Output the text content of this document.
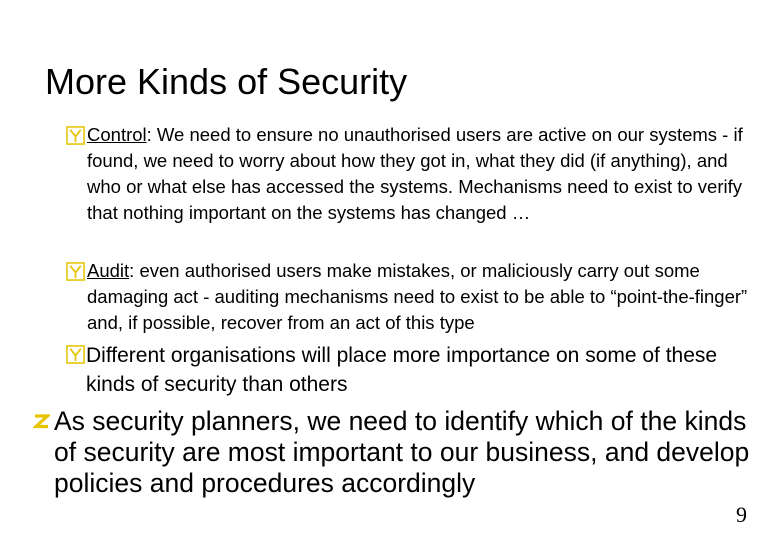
More Kinds of Security
Control: We need to ensure no unauthorised users are active on our systems - if found, we need to worry about how they got in, what they did (if anything), and who or what else has accessed the systems. Mechanisms need to exist to verify that nothing important on the systems has changed …
Audit: even authorised users make mistakes, or maliciously carry out some damaging act - auditing mechanisms need to exist to be able to “point-the-finger” and, if possible, recover from an act of this type
Different organisations will place more importance on some of these kinds of security than others
As security planners, we need to identify which of the kinds of security are most important to our business, and develop policies and procedures accordingly
9
